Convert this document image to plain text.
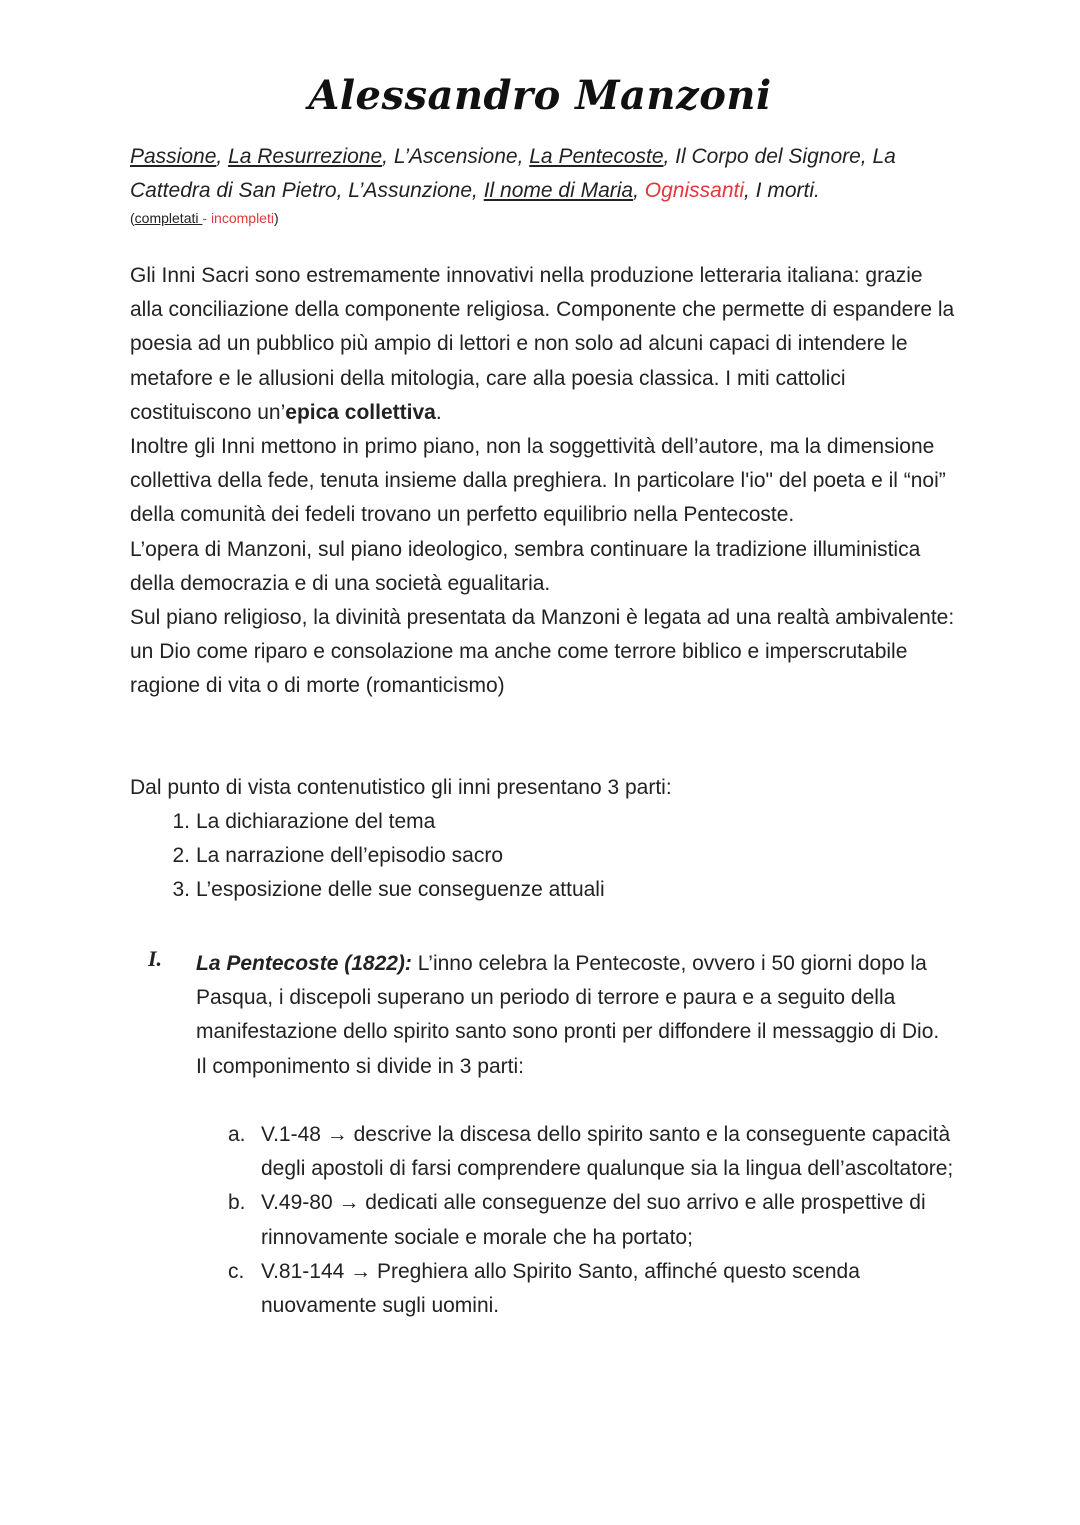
Alessandro Manzoni
Passione, La Resurrezione, L’Ascensione, La Pentecoste, Il Corpo del Signore, La
Cattedra di San Pietro, L’Assunzione, Il nome di Maria, Ognissanti, I morti.
(completati - incompleti)

Gli Inni Sacri sono estremamente innovativi nella produzione letteraria italiana: grazie alla conciliazione della componente religiosa. Componente che permette di espandere la poesia ad un pubblico più ampio di lettori e non solo ad alcuni capaci di intendere le metafore e le allusioni della mitologia, care alla poesia classica. I miti cattolici costituiscono un’epica collettiva.

Inoltre gli Inni mettono in primo piano, non la soggettività dell’autore, ma la dimensione collettiva della fede, tenuta insieme dalla preghiera. In particolare l'io" del poeta e il “noi” della comunità dei fedeli trovano un perfetto equilibrio nella Pentecoste.

L’opera di Manzoni, sul piano ideologico, sembra continuare la tradizione illuministica della democrazia e di una società egualitaria.

Sul piano religioso, la divinità presentata da Manzoni è legata ad una realtà ambivalente: un Dio come riparo e consolazione ma anche come terrore biblico e imperscrutabile ragione di vita o di morte (romanticismo)

Dal punto di vista contenutistico gli inni presentano 3 parti:
1. La dichiarazione del tema
2. La narrazione dell’episodio sacro
3. L’esposizione delle sue conseguenze attuali
I. La Pentecoste (1822): L’inno celebra la Pentecoste, ovvero i 50 giorni dopo la Pasqua, i discepoli superano un periodo di terrore e paura e a seguito della manifestazione dello spirito santo sono pronti per diffondere il messaggio di Dio.

Il componimento si divide in 3 parti:

a. V.1-48 → descrive la discesa dello spirito santo e la conseguente capacità degli apostoli di farsi comprendere qualunque sia la lingua dell’ascoltatore;
b. V.49-80 → dedicati alle conseguenze del suo arrivo e alle prospettive di rinnovamente sociale e morale che ha portato;
c. V.81-144 → Preghiera allo Spirito Santo, affinché questo scenda nuovamente sugli uomini.
